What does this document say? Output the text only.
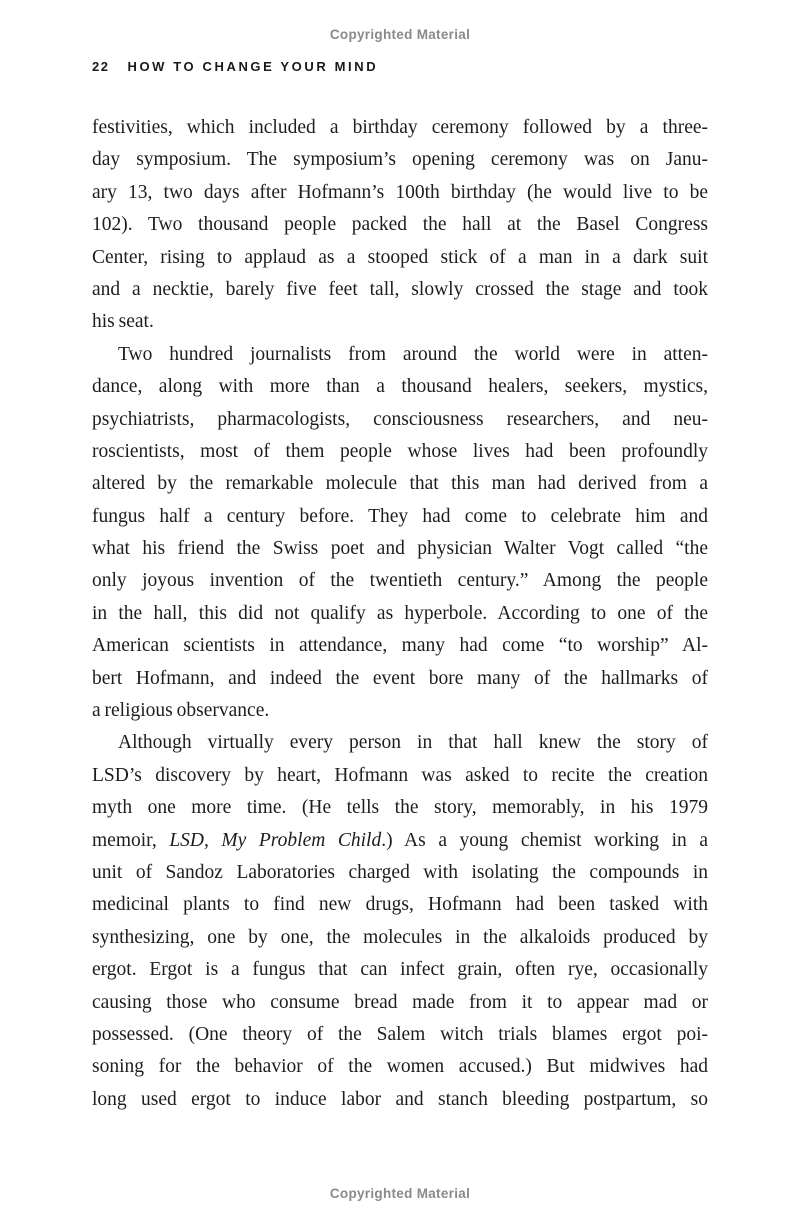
Copyrighted Material
22 HOW TO CHANGE YOUR MIND
festivities, which included a birthday ceremony followed by a three-
day symposium. The symposium’s opening ceremony was on Janu-
ary 13, two days after Hofmann’s 100th birthday (he would live to be
102). Two thousand people packed the hall at the Basel Congress
Center, rising to applaud as a stooped stick of a man in a dark suit
and a necktie, barely five feet tall, slowly crossed the stage and took
his seat.
Two hundred journalists from around the world were in atten-
dance, along with more than a thousand healers, seekers, mystics,
psychiatrists, pharmacologists, consciousness researchers, and neu-
roscientists, most of them people whose lives had been profoundly
altered by the remarkable molecule that this man had derived from a
fungus half a century before. They had come to celebrate him and
what his friend the Swiss poet and physician Walter Vogt called “the
only joyous invention of the twentieth century.” Among the people
in the hall, this did not qualify as hyperbole. According to one of the
American scientists in attendance, many had come “to worship” Al-
bert Hofmann, and indeed the event bore many of the hallmarks of
a religious observance.
Although virtually every person in that hall knew the story of
LSD’s discovery by heart, Hofmann was asked to recite the creation
myth one more time. (He tells the story, memorably, in his 1979
memoir, LSD, My Problem Child.) As a young chemist working in a
unit of Sandoz Laboratories charged with isolating the compounds in
medicinal plants to find new drugs, Hofmann had been tasked with
synthesizing, one by one, the molecules in the alkaloids produced by
ergot. Ergot is a fungus that can infect grain, often rye, occasionally
causing those who consume bread made from it to appear mad or
possessed. (One theory of the Salem witch trials blames ergot poi-
soning for the behavior of the women accused.) But midwives had
long used ergot to induce labor and stanch bleeding postpartum, so
Copyrighted Material
